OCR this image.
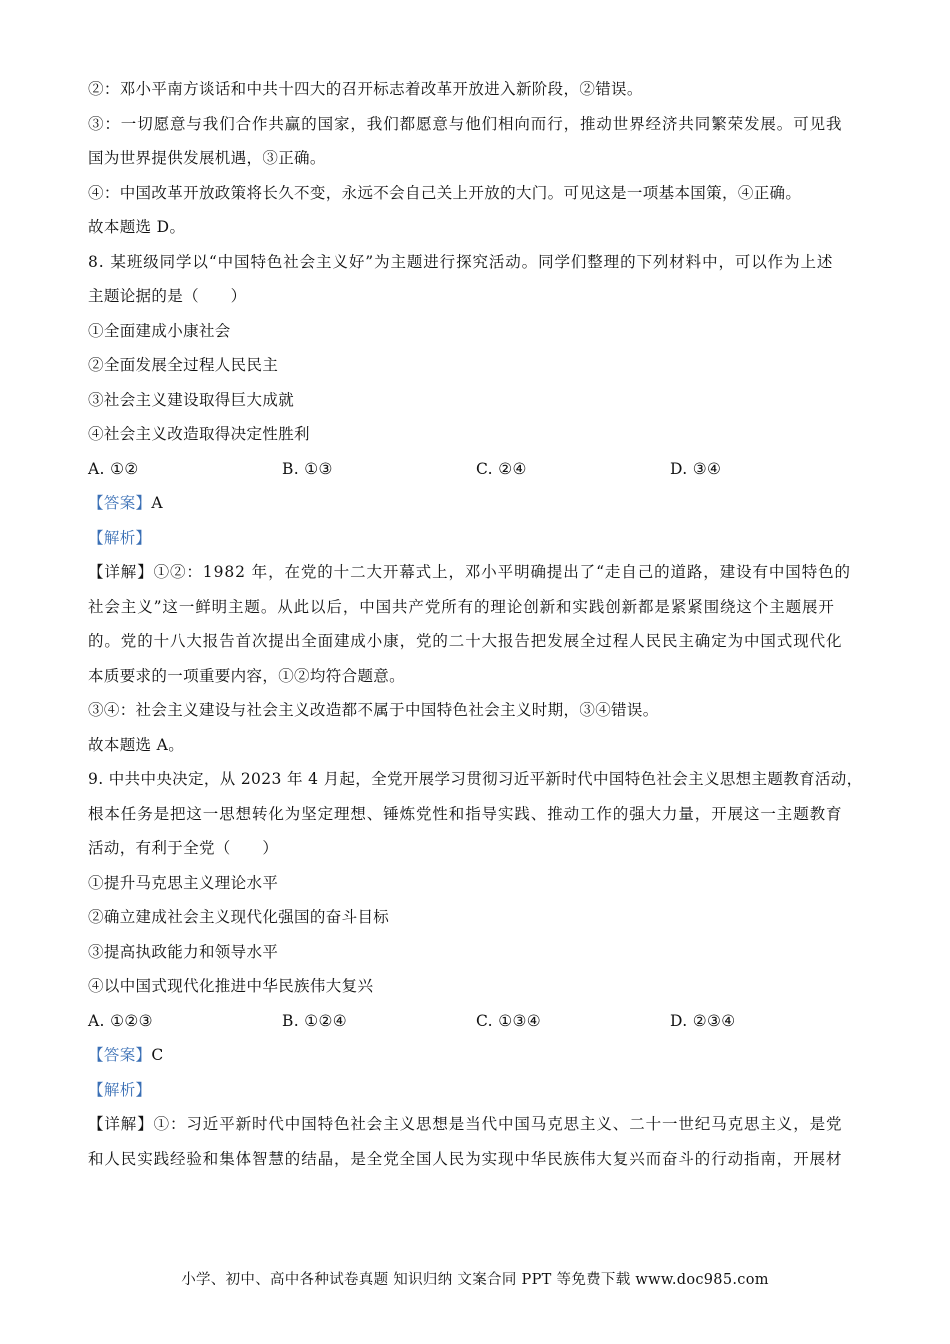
②：邓小平南方谈话和中共十四大的召开标志着改革开放进入新阶段，②错误。
③：一切愿意与我们合作共赢的国家，我们都愿意与他们相向而行，推动世界经济共同繁荣发展。可见我
国为世界提供发展机遇，③正确。
④：中国改革开放政策将长久不变，永远不会自己关上开放的大门。可见这是一项基本国策，④正确。
故本题选 D。
8. 某班级同学以“中国特色社会主义好”为主题进行探究活动。同学们整理的下列材料中，可以作为上述
主题论据的是（　　）
①全面建成小康社会
②全面发展全过程人民民主
③社会主义建设取得巨大成就
④社会主义改造取得决定性胜利
A. ①②	B. ①③	C. ②④	D. ③④
【答案】A
【解析】
【详解】①②：1982 年，在党的十二大开幕式上，邓小平明确提出了“走自己的道路，建设有中国特色的
社会主义”这一鲜明主题。从此以后，中国共产党所有的理论创新和实践创新都是紧紧围绕这个主题展开
的。党的十八大报告首次提出全面建成小康，党的二十大报告把发展全过程人民民主确定为中国式现代化
本质要求的一项重要内容，①②均符合题意。
③④：社会主义建设与社会主义改造都不属于中国特色社会主义时期，③④错误。
故本题选 A。
9. 中共中央决定，从 2023 年 4 月起，全党开展学习贯彻习近平新时代中国特色社会主义思想主题教育活动，
根本任务是把这一思想转化为坚定理想、锤炼党性和指导实践、推动工作的强大力量，开展这一主题教育
活动，有利于全党（　　）
①提升马克思主义理论水平
②确立建成社会主义现代化强国的奋斗目标
③提高执政能力和领导水平
④以中国式现代化推进中华民族伟大复兴
A. ①②③	B. ①②④	C. ①③④	D. ②③④
【答案】C
【解析】
【详解】①：习近平新时代中国特色社会主义思想是当代中国马克思主义、二十一世纪马克思主义，是党
和人民实践经验和集体智慧的结晶，是全党全国人民为实现中华民族伟大复兴而奋斗的行动指南，开展材
小学、初中、高中各种试卷真题 知识归纳 文案合同 PPT 等免费下载 www.doc985.com
